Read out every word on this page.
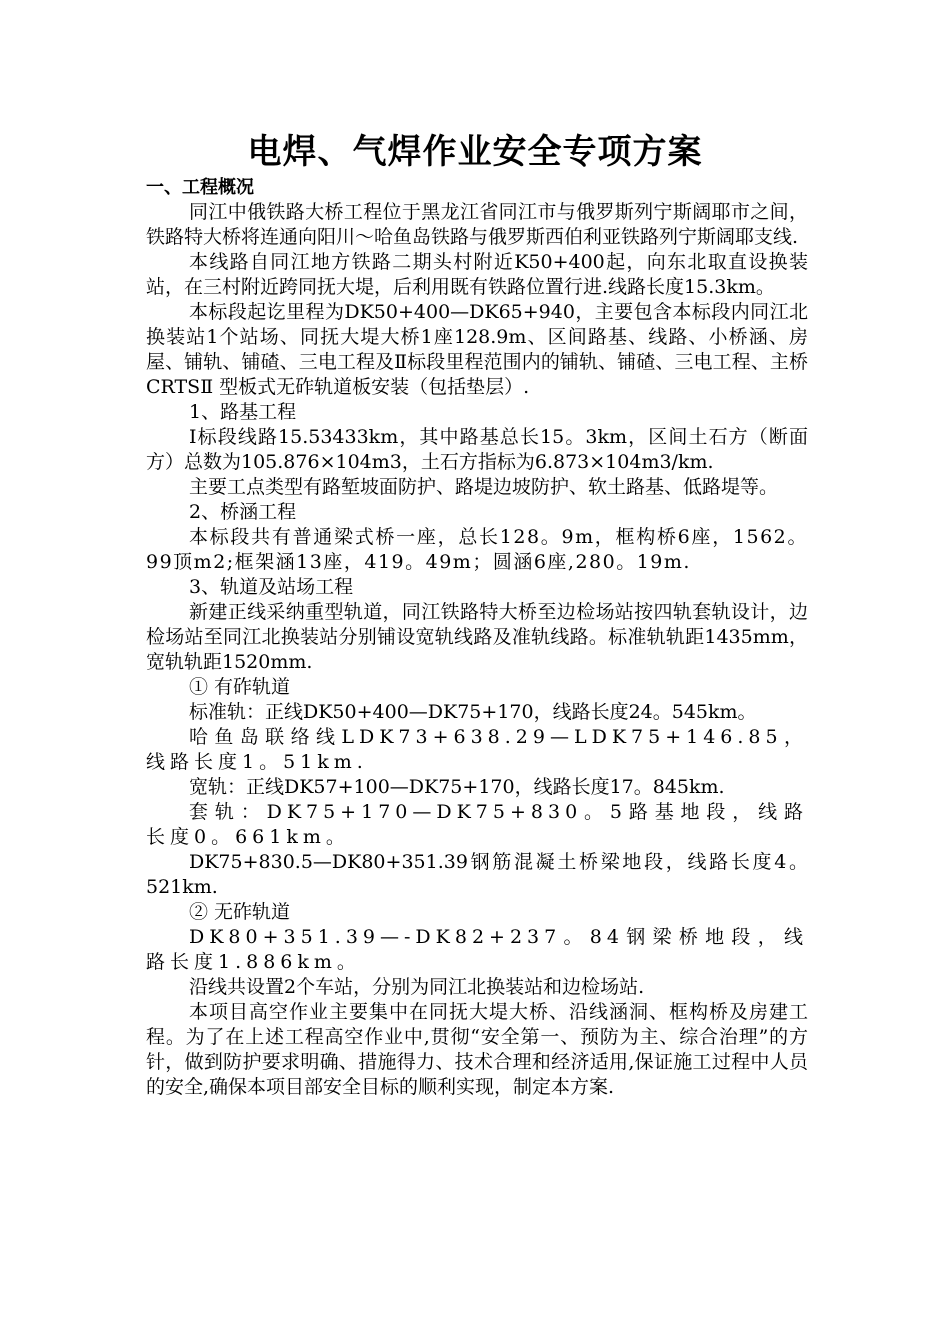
电焊、气焊作业安全专项方案

一、工程概况

同江中俄铁路大桥工程位于黑龙江省同江市与俄罗斯列宁斯阔耶市之间，铁路特大桥将连通向阳川～哈鱼岛铁路与俄罗斯西伯利亚铁路列宁斯阔耶支线.

本线路自同江地方铁路二期头村附近K50+400起，向东北取直设换装站，在三村附近跨同抚大堤，后利用既有铁路位置行进.线路长度15.3km。

本标段起讫里程为DK50+400—DK65+940，主要包含本标段内同江北换装站1个站场、同抚大堤大桥1座128.9m、区间路基、线路、小桥涵、房屋、铺轨、铺碴、三电工程及Ⅱ标段里程范围内的铺轨、铺碴、三电工程、主桥CRTSⅡ 型板式无砟轨道板安装（包括垫层）.

1、路基工程

I标段线路15.53433km，其中路基总长15。3km，区间土石方（断面方）总数为105.876×104m3，土石方指标为6.873×104m3/km.

主要工点类型有路堑坡面防护、路堤边坡防护、软土路基、低路堤等。

2、桥涵工程

本标段共有普通梁式桥一座，总长128。9m，框构桥6座，1562。99顶m2;框架涵13座，419。49m；圆涵6座,280。19m.

3、轨道及站场工程

新建正线采纳重型轨道，同江铁路特大桥至边检场站按四轨套轨设计，边检场站至同江北换装站分别铺设宽轨线路及准轨线路。标准轨轨距1435mm，宽轨轨距1520mm.

① 有砟轨道

标准轨：正线DK50+400—DK75+170，线路长度24。545km。

哈鱼岛联络线LDK73+638.29—LDK75+146.85，线路长度1。51km.

宽轨：正线DK57+100—DK75+170，线路长度17。845km.

套轨：DK75+170—DK75+830。5路基地段，线路长度0。661km。

DK75+830.5—DK80+351.39钢筋混凝土桥梁地段，线路长度4。521km.

② 无砟轨道

DK80+351.39—-DK82+237。84钢梁桥地段，线路长度1.886km。

沿线共设置2个车站，分别为同江北换装站和边检场站.

本项目高空作业主要集中在同抚大堤大桥、沿线涵洞、框构桥及房建工程。为了在上述工程高空作业中,贯彻“安全第一、预防为主、综合治理”的方针，做到防护要求明确、措施得力、技术合理和经济适用,保证施工过程中人员的安全,确保本项目部安全目标的顺利实现，制定本方案.
